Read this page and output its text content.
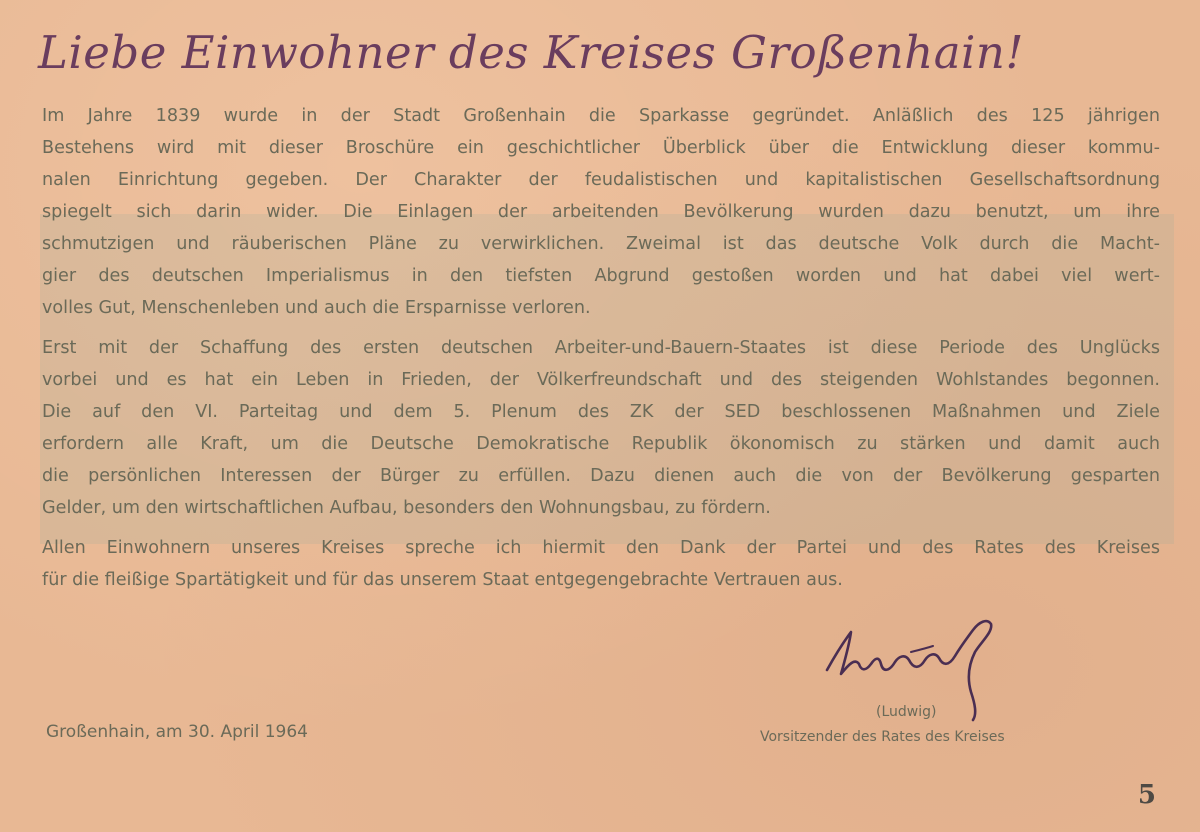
Liebe Einwohner des Kreises Großenhain!

Im Jahre 1839 wurde in der Stadt Großenhain die Sparkasse gegründet. Anläßlich des 125 jährigen
Bestehens wird mit dieser Broschüre ein geschichtlicher Überblick über die Entwicklung dieser kommu-
nalen Einrichtung gegeben. Der Charakter der feudalistischen und kapitalistischen Gesellschaftsordnung
spiegelt sich darin wider. Die Einlagen der arbeitenden Bevölkerung wurden dazu benutzt, um ihre
schmutzigen und räuberischen Pläne zu verwirklichen. Zweimal ist das deutsche Volk durch die Macht-
gier des deutschen Imperialismus in den tiefsten Abgrund gestoßen worden und hat dabei viel wert-
volles Gut, Menschenleben und auch die Ersparnisse verloren.

Erst mit der Schaffung des ersten deutschen Arbeiter-und-Bauern-Staates ist diese Periode des Unglücks
vorbei und es hat ein Leben in Frieden, der Völkerfreundschaft und des steigenden Wohlstandes begonnen.
Die auf den VI. Parteitag und dem 5. Plenum des ZK der SED beschlossenen Maßnahmen und Ziele
erfordern alle Kraft, um die Deutsche Demokratische Republik ökonomisch zu stärken und damit auch
die persönlichen Interessen der Bürger zu erfüllen. Dazu dienen auch die von der Bevölkerung gesparten
Gelder, um den wirtschaftlichen Aufbau, besonders den Wohnungsbau, zu fördern.

Allen Einwohnern unseres Kreises spreche ich hiermit den Dank der Partei und des Rates des Kreises
für die fleißige Spartätigkeit und für das unserem Staat entgegengebrachte Vertrauen aus.

Großenhain, am 30. April 1964
(Ludwig)
Vorsitzender des Rates des Kreises
5
